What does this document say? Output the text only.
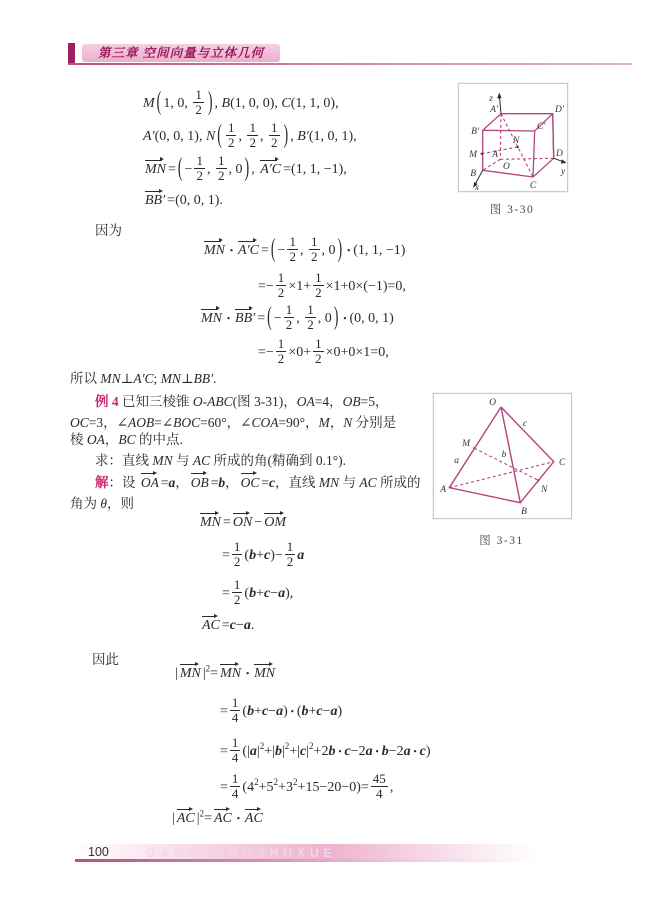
第三章 空间向量与立体几何
M ( 1, 0, $\frac{1}{2}$ ) , B(1, 0, 0), C(1, 1, 0),
A′(0, 0, 1), N ( $\frac{1}{2}$ , $\frac{1}{2}$ , $\frac{1}{2}$ ) , B′(1, 0, 1),
MN = ( − $\frac{1}{2}$ , $\frac{1}{2}$ , 0 ) , A′C =(1, 1, −1),
BB′ =(0, 0, 1).
z
A′	D′
B′	C′
N
M A
O
D
y
B
x	C
图 3-30
因为
MN • A′C = ( − $\frac{1}{2}$ , $\frac{1}{2}$ , 0 ) • (1, 1, −1)
=− $\frac{1}{2} \times 1+ \frac{1}{2} \times 1+0\times(-1)=0$,
MN • BB′ = ( − $\frac{1}{2}$ , $\frac{1}{2}$ , 0 ) • (0, 0, 1)
=− $\frac{1}{2} \times 0+ \frac{1}{2} \times 0+0\times 1=0$,
所以 MN⊥A′C; MN⊥BB′.
例 4 已知三棱锥 O-ABC(图 3-31)，OA=4，OB=5，
OC=3，∠AOB=∠BOC=60°，∠COA=90°，M，N 分别是
棱 OA，BC 的中点.
求：直线 MN 与 AC 所成的角(精确到 0.1°).
解：设 OA =a， OB =b， OC =c，直线 MN 与 AC 所成的
角为 θ，则
O
c
M
a
b
C
A	N
B
图 3-31
MN = ON − OM
= $\frac{1}{2} (b+c)- \frac{1}{2}$ a
= $\frac{1}{2} (b+c-a)$,
AC =c−a.
因此
| MN $|^2=$ MN • MN
= $\frac{1}{4} (b+c-a)$ • (b+c−a)
= $\frac{1}{4} (|a|^2+|b|^2+|c|^2+2b$ • c−2a • b−2a • c)
= $\frac{1}{4} (4^2+5^2+3^2+15-20-0)= \frac{45}{4}$ ,
| AC $|^2=$ AC • AC
100	GAOZHONGSHUXUE
